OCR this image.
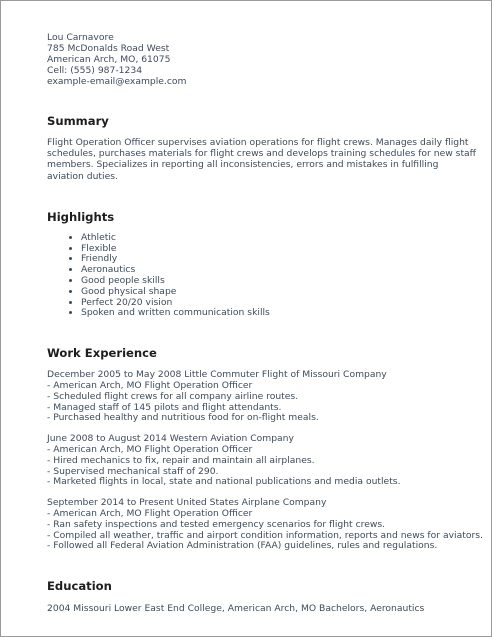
Lou Carnavore
785 McDonalds Road West
American Arch, MO, 61075
Cell: (555) 987-1234
example-email@example.com
Summary
Flight Operation Officer supervises aviation operations for flight crews. Manages daily flight schedules, purchases materials for flight crews and develops training schedules for new staff members. Specializes in reporting all inconsistencies, errors and mistakes in fulfilling aviation duties.
Highlights
• Athletic
• Flexible
• Friendly
• Aeronautics
• Good people skills
• Good physical shape
• Perfect 20/20 vision
• Spoken and written communication skills
Work Experience
December 2005 to May 2008 Little Commuter Flight of Missouri Company
- American Arch, MO Flight Operation Officer
- Scheduled flight crews for all company airline routes.
- Managed staff of 145 pilots and flight attendants.
- Purchased healthy and nutritious food for on-flight meals.
June 2008 to August 2014 Western Aviation Company
- American Arch, MO Flight Operation Officer
- Hired mechanics to fix, repair and maintain all airplanes.
- Supervised mechanical staff of 290.
- Marketed flights in local, state and national publications and media outlets.
September 2014 to Present United States Airplane Company
- American Arch, MO Flight Operation Officer
- Ran safety inspections and tested emergency scenarios for flight crews.
- Compiled all weather, traffic and airport condition information, reports and news for aviators.
- Followed all Federal Aviation Administration (FAA) guidelines, rules and regulations.
Education
2004 Missouri Lower East End College, American Arch, MO Bachelors, Aeronautics
